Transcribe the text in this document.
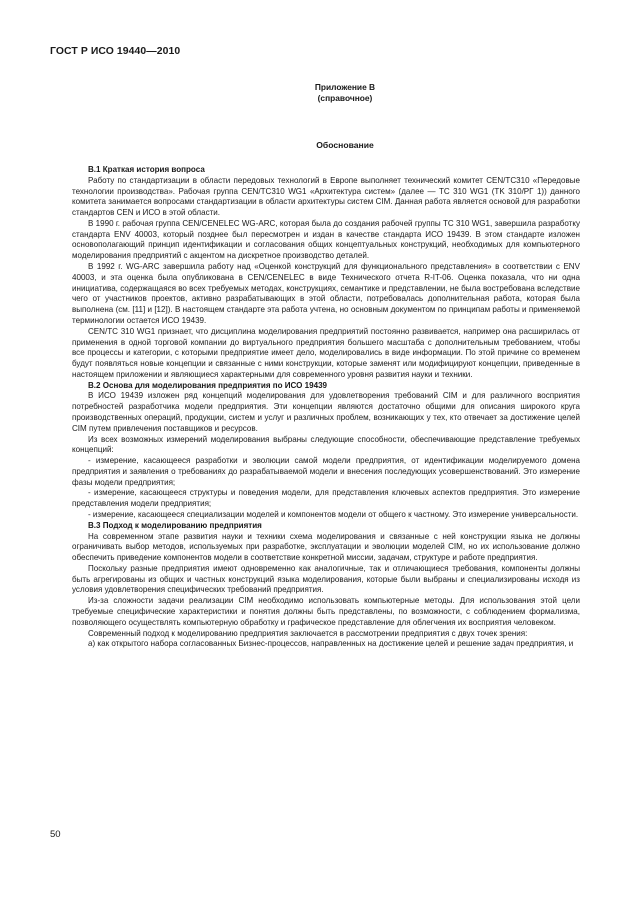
ГОСТ Р ИСО 19440—2010
Приложение В
(справочное)
Обоснование
В.1 Краткая история вопроса

Работу по стандартизации в области передовых технологий в Европе выполняет технический комитет CEN/TC310 «Передовые технологии производства». Рабочая группа CEN/TC310 WG1 «Архитектура систем» (далее — TC 310 WG1 (TK 310/РГ 1)) данного комитета занимается вопросами стандартизации в области архитектуры систем CIM. Данная работа является основой для разработки стандартов CEN и ИСО в этой области.

В 1990 г. рабочая группа CEN/CENELEC WG-ARC, которая была до создания рабочей группы TC 310 WG1, завершила разработку стандарта ENV 40003, который позднее был пересмотрен и издан в качестве стандарта ИСО 19439. В этом стандарте изложен основополагающий принцип идентификации и согласования общих концептуальных конструкций, необходимых для компьютерного моделирования предприятий с акцентом на дискретное производство деталей.

В 1992 г. WG-ARC завершила работу над «Оценкой конструкций для функционального представления» в соответствии с ENV 40003, и эта оценка была опубликована в CEN/CENELEC в виде Технического отчета R-IT-06. Оценка показала, что ни одна инициатива, содержащаяся во всех требуемых методах, конструкциях, семантике и представлении, не была востребована вследствие чего от участников проектов, активно разрабатывающих в этой области, потребовалась дополнительная работа, которая была выполнена (см. [11] и [12]). В настоящем стандарте эта работа учтена, но основным документом по принципам работы и применяемой терминологии остается ИСО 19439.

CEN/TC 310 WG1 признает, что дисциплина моделирования предприятий постоянно развивается, например она расширилась от применения в одной торговой компании до виртуального предприятия большего масштаба с дополнительным требованием, чтобы все процессы и категории, с которыми предприятие имеет дело, моделировались в виде информации. По этой причине со временем будут появляться новые концепции и связанные с ними конструкции, которые заменят или модифицируют концепции, приведенные в настоящем приложении и являющиеся характерными для современного уровня развития науки и техники.

В.2 Основа для моделирования предприятия по ИСО 19439

В ИСО 19439 изложен ряд концепций моделирования для удовлетворения требований CIM и для различного восприятия потребностей разработчика модели предприятия. Эти концепции являются достаточно общими для описания широкого круга производственных операций, продукции, систем и услуг и различных проблем, возникающих у тех, кто отвечает за достижение целей CIM путем привлечения поставщиков и ресурсов.

Из всех возможных измерений моделирования выбраны следующие способности, обеспечивающие представление требуемых концепций:

- измерение, касающееся разработки и эволюции самой модели предприятия, от идентификации моделируемого домена предприятия и заявления о требованиях до разрабатываемой модели и внесения последующих усовершенствований. Это измерение фазы модели предприятия;

- измерение, касающееся структуры и поведения модели, для представления ключевых аспектов предприятия. Это измерение представления модели предприятия;

- измерение, касающееся специализации моделей и компонентов модели от общего к частному. Это измерение универсальности.

В.3 Подход к моделированию предприятия

На современном этапе развития науки и техники схема моделирования и связанные с ней конструкции языка не должны ограничивать выбор методов, используемых при разработке, эксплуатации и эволюции моделей CIM, но их использование должно обеспечить приведение компонентов модели в соответствие конкретной миссии, задачам, структуре и работе предприятия.

Поскольку разные предприятия имеют одновременно как аналогичные, так и отличающиеся требования, компоненты должны быть агрегированы из общих и частных конструкций языка моделирования, которые были выбраны и специализированы исходя из условия удовлетворения специфических требований предприятия.

Из-за сложности задачи реализации CIM необходимо использовать компьютерные методы. Для использования этой цели требуемые специфические характеристики и понятия должны быть представлены, по возможности, с соблюдением формализма, позволяющего осуществлять компьютерную обработку и графическое представление для облегчения их восприятия человеком.

Современный подход к моделированию предприятия заключается в рассмотрении предприятия с двух точек зрения:

а) как открытого набора согласованных Бизнес-процессов, направленных на достижение целей и решение задач предприятия, и

50
